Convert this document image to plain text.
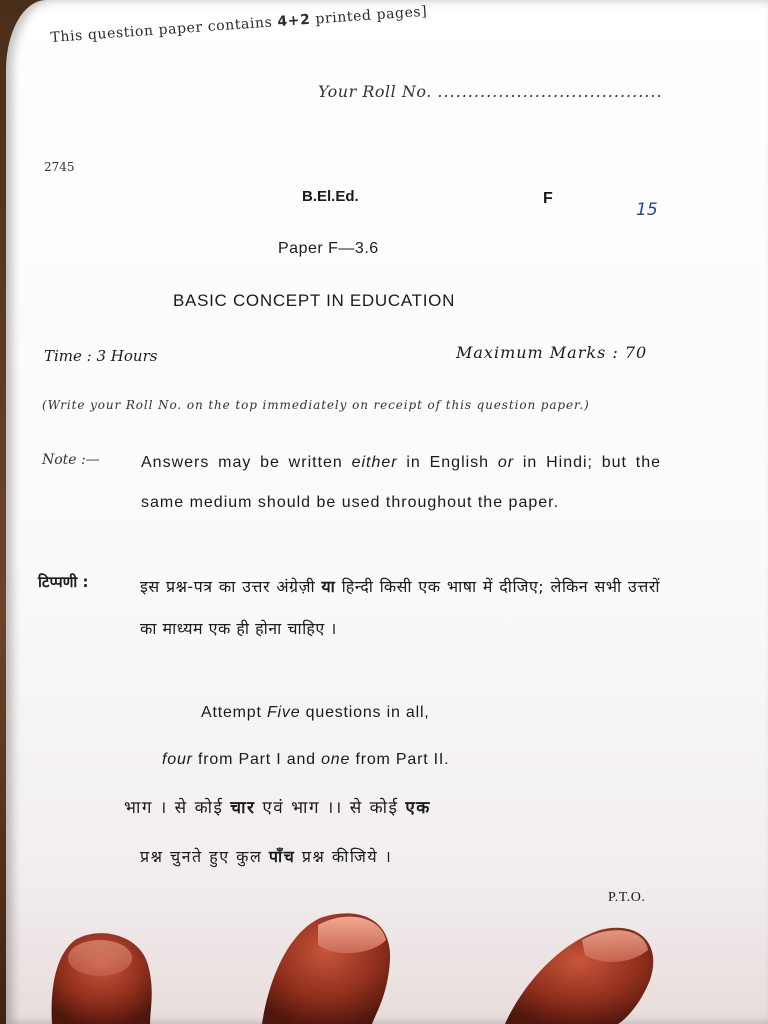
This question paper contains 4+2 printed pages]
Your Roll No. .....................................
2745
B.El.Ed.	F
15
Paper F—3.6
BASIC CONCEPT IN EDUCATION
Time : 3 Hours	Maximum Marks : 70
(Write your Roll No. on the top immediately on receipt of this question paper.)
Note :—	Answers may be written either in English or in Hindi; but the same medium should be used throughout the paper.
टिप्पणी :	इस प्रश्न-पत्र का उत्तर अंग्रेज़ी या हिन्दी किसी एक भाषा में दीजिए; लेकिन सभी उत्तरों का माध्यम एक ही होना चाहिए ।
Attempt Five questions in all,
four from Part I and one from Part II.
भाग । से कोई चार एवं भाग ।। से कोई एक
प्रश्न चुनते हुए कुल पाँच प्रश्न कीजिये ।
P.T.O.
